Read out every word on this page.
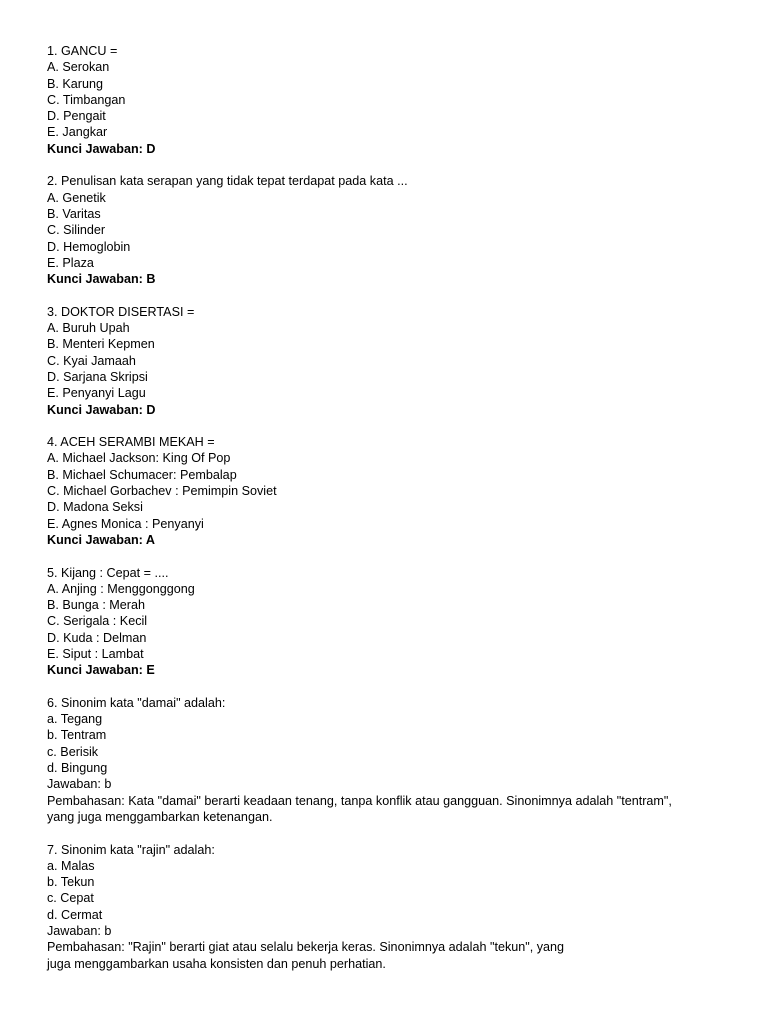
1. GANCU =
A. Serokan
B. Karung
C. Timbangan
D. Pengait
E. Jangkar
Kunci Jawaban: D
2. Penulisan kata serapan yang tidak tepat terdapat pada kata ...
A. Genetik
B. Varitas
C. Silinder
D. Hemoglobin
E. Plaza
Kunci Jawaban: B
3. DOKTOR DISERTASI =
A. Buruh Upah
B. Menteri Kepmen
C. Kyai Jamaah
D. Sarjana Skripsi
E. Penyanyi Lagu
Kunci Jawaban: D
4. ACEH SERAMBI MEKAH =
A. Michael Jackson: King Of Pop
B. Michael Schumacer: Pembalap
C. Michael Gorbachev : Pemimpin Soviet
D. Madona Seksi
E. Agnes Monica : Penyanyi
Kunci Jawaban: A
5. Kijang : Cepat = ....
A. Anjing : Menggonggong
B. Bunga : Merah
C. Serigala : Kecil
D. Kuda : Delman
E. Siput : Lambat
Kunci Jawaban: E
6. Sinonim kata "damai" adalah:
a. Tegang
b. Tentram
c. Berisik
d. Bingung
Jawaban: b
Pembahasan: Kata "damai" berarti keadaan tenang, tanpa konflik atau gangguan. Sinonimnya adalah "tentram",
yang juga menggambarkan ketenangan.
7. Sinonim kata "rajin" adalah:
a. Malas
b. Tekun
c. Cepat
d. Cermat
Jawaban: b
Pembahasan: "Rajin" berarti giat atau selalu bekerja keras. Sinonimnya adalah "tekun", yang
juga menggambarkan usaha konsisten dan penuh perhatian.
